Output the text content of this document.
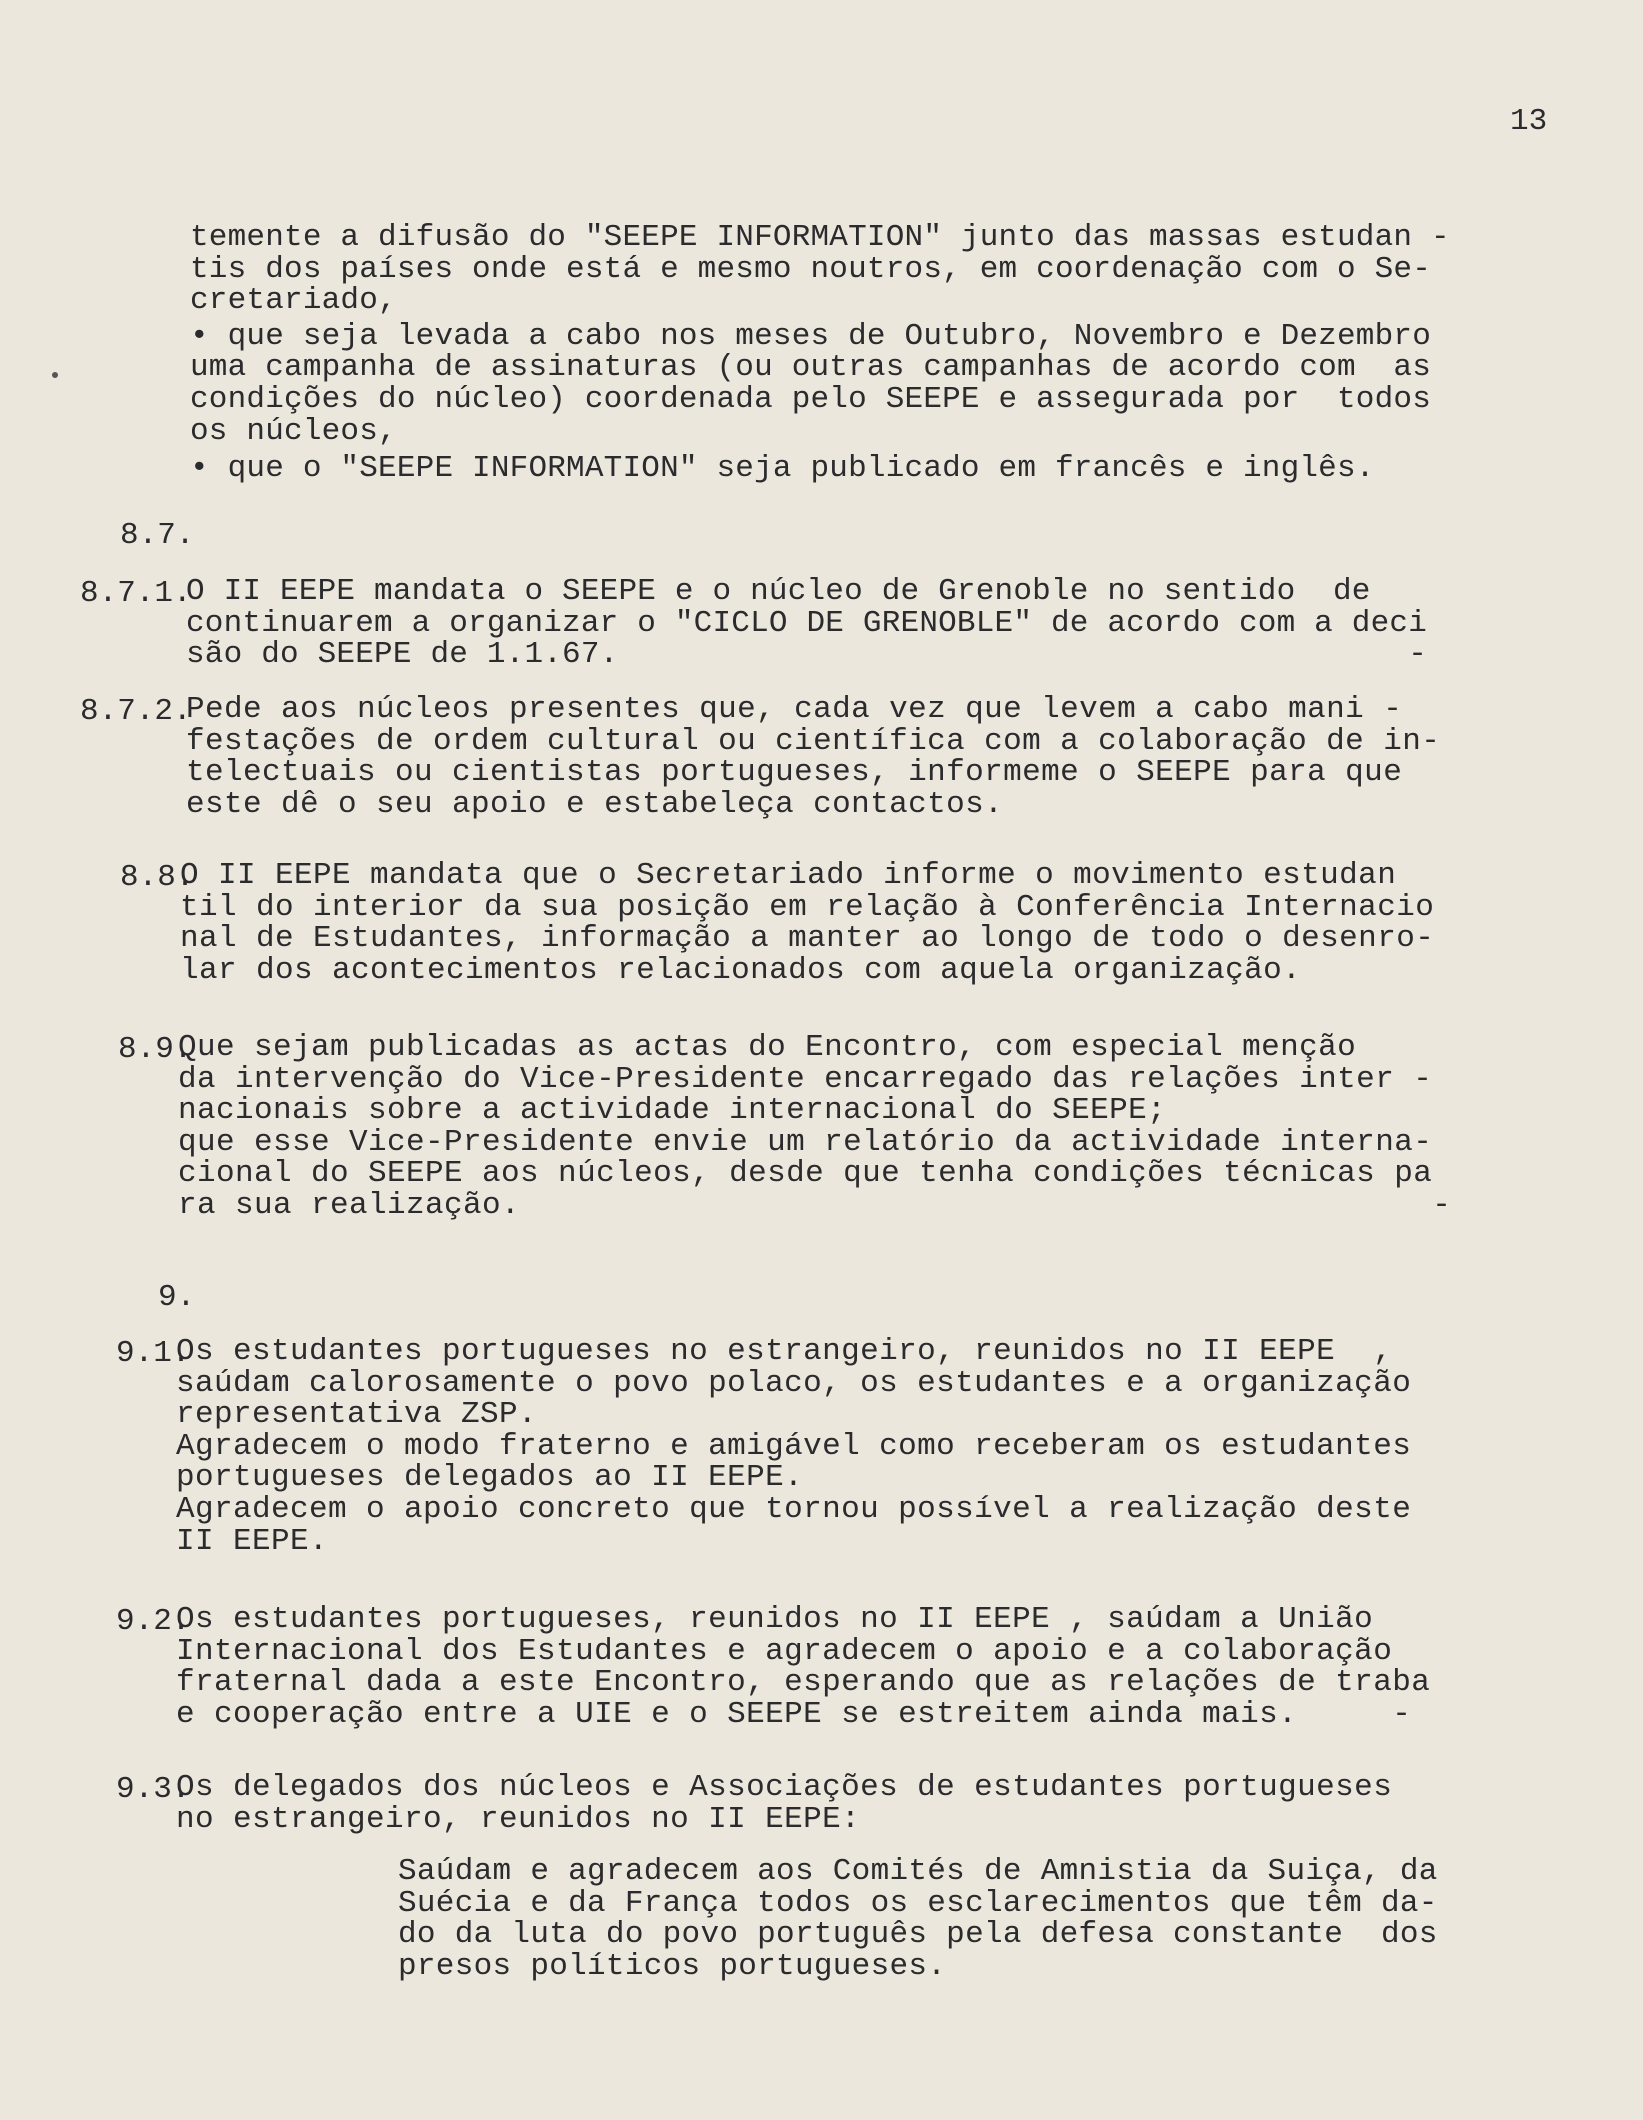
13

temente a difusão do "SEEPE INFORMATION" junto das massas estudan -

tis dos países onde está e mesmo noutros, em coordenação com o Se-

cretariado,

• que seja levada a cabo nos meses de Outubro, Novembro e Dezembro

uma campanha de assinaturas (ou outras campanhas de acordo com  as

condições do núcleo) coordenada pelo SEEPE e assegurada por  todos

os núcleos,

• que o "SEEPE INFORMATION" seja publicado em francês e inglês.

8.7.
8.7.1.

O II EEPE mandata o SEEPE e o núcleo de Grenoble no sentido  de

continuarem a organizar o "CICLO DE GRENOBLE" de acordo com a deci

são do SEEPE de 1.1.67.                                          -

8.7.2.

Pede aos núcleos presentes que, cada vez que levem a cabo mani -

festações de ordem cultural ou científica com a colaboração de in-

telectuais ou cientistas portugueses, informeme o SEEPE para que

este dê o seu apoio e estabeleça contactos.

8.8.

O II EEPE mandata que o Secretariado informe o movimento estudan

til do interior da sua posição em relação à Conferência Internacio

nal de Estudantes, informação a manter ao longo de todo o desenro-

lar dos acontecimentos relacionados com aquela organização.

8.9.

Que sejam publicadas as actas do Encontro, com especial menção

da intervenção do Vice-Presidente encarregado das relações inter -

nacionais sobre a actividade internacional do SEEPE;

que esse Vice-Presidente envie um relatório da actividade interna-

cional do SEEPE aos núcleos, desde que tenha condições técnicas pa

ra sua realização.                                                -

9.
9.1.

Os estudantes portugueses no estrangeiro, reunidos no II EEPE  ,

saúdam calorosamente o povo polaco, os estudantes e a organização

representativa ZSP.

Agradecem o modo fraterno e amigável como receberam os estudantes

portugueses delegados ao II EEPE.

Agradecem o apoio concreto que tornou possível a realização deste

II EEPE.

9.2.

Os estudantes portugueses, reunidos no II EEPE , saúdam a União

Internacional dos Estudantes e agradecem o apoio e a colaboração

fraternal dada a este Encontro, esperando que as relações de traba

e cooperação entre a UIE e o SEEPE se estreitem ainda mais.     -

9.3.

Os delegados dos núcleos e Associações de estudantes portugueses

no estrangeiro, reunidos no II EEPE:

Saúdam e agradecem aos Comités de Amnistia da Suiça, da

Suécia e da França todos os esclarecimentos que têm da-

do da luta do povo português pela defesa constante  dos

presos políticos portugueses.
